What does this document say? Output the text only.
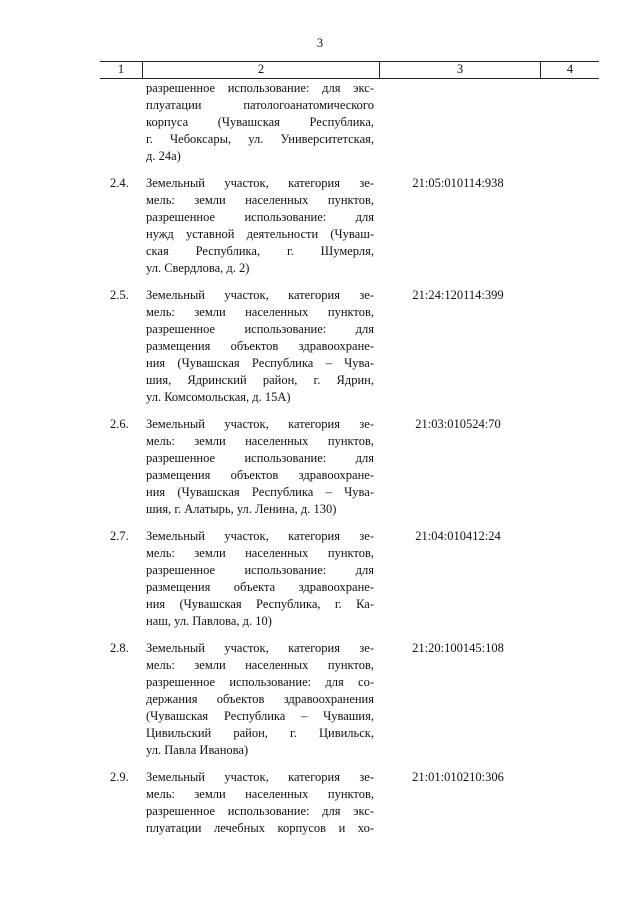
3
1	2	3	4
разрешенное использование: для экс-
плуатации патологоанатомического
корпуса (Чувашская Республика,
г. Чебоксары, ул. Университетская,
д. 24а)
2.4.	Земельный участок, категория зе-
мель: земли населенных пунктов,
разрешенное использование: для
нужд уставной деятельности (Чуваш-
ская Республика, г. Шумерля,
ул. Свердлова, д. 2)
21:05:010114:938
2.5.	Земельный участок, категория зе-
мель: земли населенных пунктов,
разрешенное использование: для
размещения объектов здравоохране-
ния (Чувашская Республика – Чува-
шия, Ядринский район, г. Ядрин,
ул. Комсомольская, д. 15А)
21:24:120114:399
2.6.	Земельный участок, категория зе-
мель: земли населенных пунктов,
разрешенное использование: для
размещения объектов здравоохране-
ния (Чувашская Республика – Чува-
шия, г. Алатырь, ул. Ленина, д. 130)
21:03:010524:70
2.7.	Земельный участок, категория зе-
мель: земли населенных пунктов,
разрешенное использование: для
размещения объекта здравоохране-
ния (Чувашская Республика, г. Ка-
наш, ул. Павлова, д. 10)
21:04:010412:24
2.8.	Земельный участок, категория зе-
мель: земли населенных пунктов,
разрешенное использование: для со-
держания объектов здравоохранения
(Чувашская Республика – Чувашия,
Цивильский район, г. Цивильск,
ул. Павла Иванова)
21:20:100145:108
2.9.	Земельный участок, категория зе-
мель: земли населенных пунктов,
разрешенное использование: для экс-
плуатации лечебных корпусов и хо-
21:01:010210:306
